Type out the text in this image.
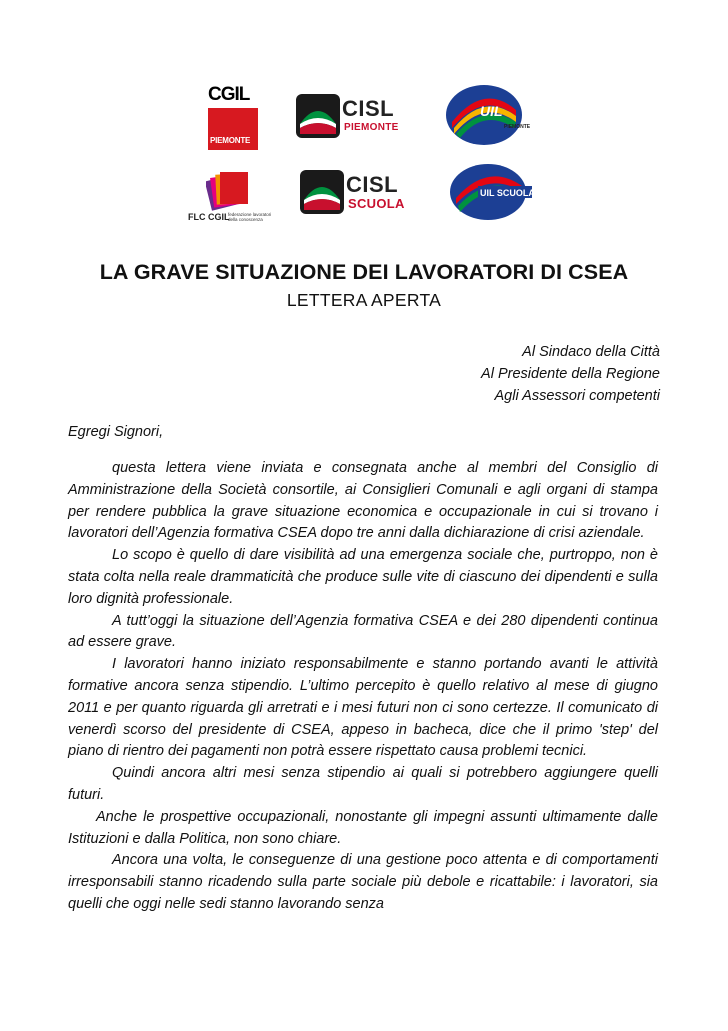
CGIL
PIEMONTE
FLC CGIL
federazione lavoratori della conoscenza
CISL
PIEMONTE
CISL
SCUOLA
UIL
PIEMONTE
UIL SCUOLA
LA GRAVE SITUAZIONE DEI LAVORATORI DI CSEA
LETTERA APERTA
Al Sindaco della Città
Al Presidente della Regione
Agli Assessori competenti
Egregi Signori,

questa lettera viene inviata e consegnata anche al membri del Consiglio di Amministrazione della Società consortile, ai Consiglieri Comunali e agli organi di stampa per rendere pubblica la grave situazione economica e occupazionale in cui si trovano i lavoratori dell’Agenzia formativa CSEA dopo tre anni dalla dichiarazione di crisi aziendale.

Lo scopo è quello di dare visibilità ad una emergenza sociale che, purtroppo, non è stata colta nella reale drammaticità che produce sulle vite di ciascuno dei dipendenti e sulla loro dignità professionale.

A tutt’oggi la situazione dell’Agenzia formativa CSEA e dei 280 dipendenti continua ad essere grave.

I lavoratori hanno iniziato responsabilmente e stanno portando avanti le attività formative ancora senza stipendio. L’ultimo percepito è quello relativo al mese di giugno 2011 e per quanto riguarda gli arretrati e i mesi futuri non ci sono certezze. Il comunicato di venerdì scorso del presidente di CSEA, appeso in bacheca, dice che il primo 'step' del piano di rientro dei pagamenti non potrà essere rispettato causa problemi tecnici.

Quindi ancora altri mesi senza stipendio ai quali si potrebbero aggiungere quelli futuri.

Anche le prospettive occupazionali, nonostante gli impegni assunti ultimamente dalle Istituzioni e dalla Politica, non sono chiare.

Ancora una volta, le conseguenze di una gestione poco attenta e di comportamenti irresponsabili stanno ricadendo sulla parte sociale più debole e ricattabile: i lavoratori, sia quelli che oggi nelle sedi stanno lavorando senza
